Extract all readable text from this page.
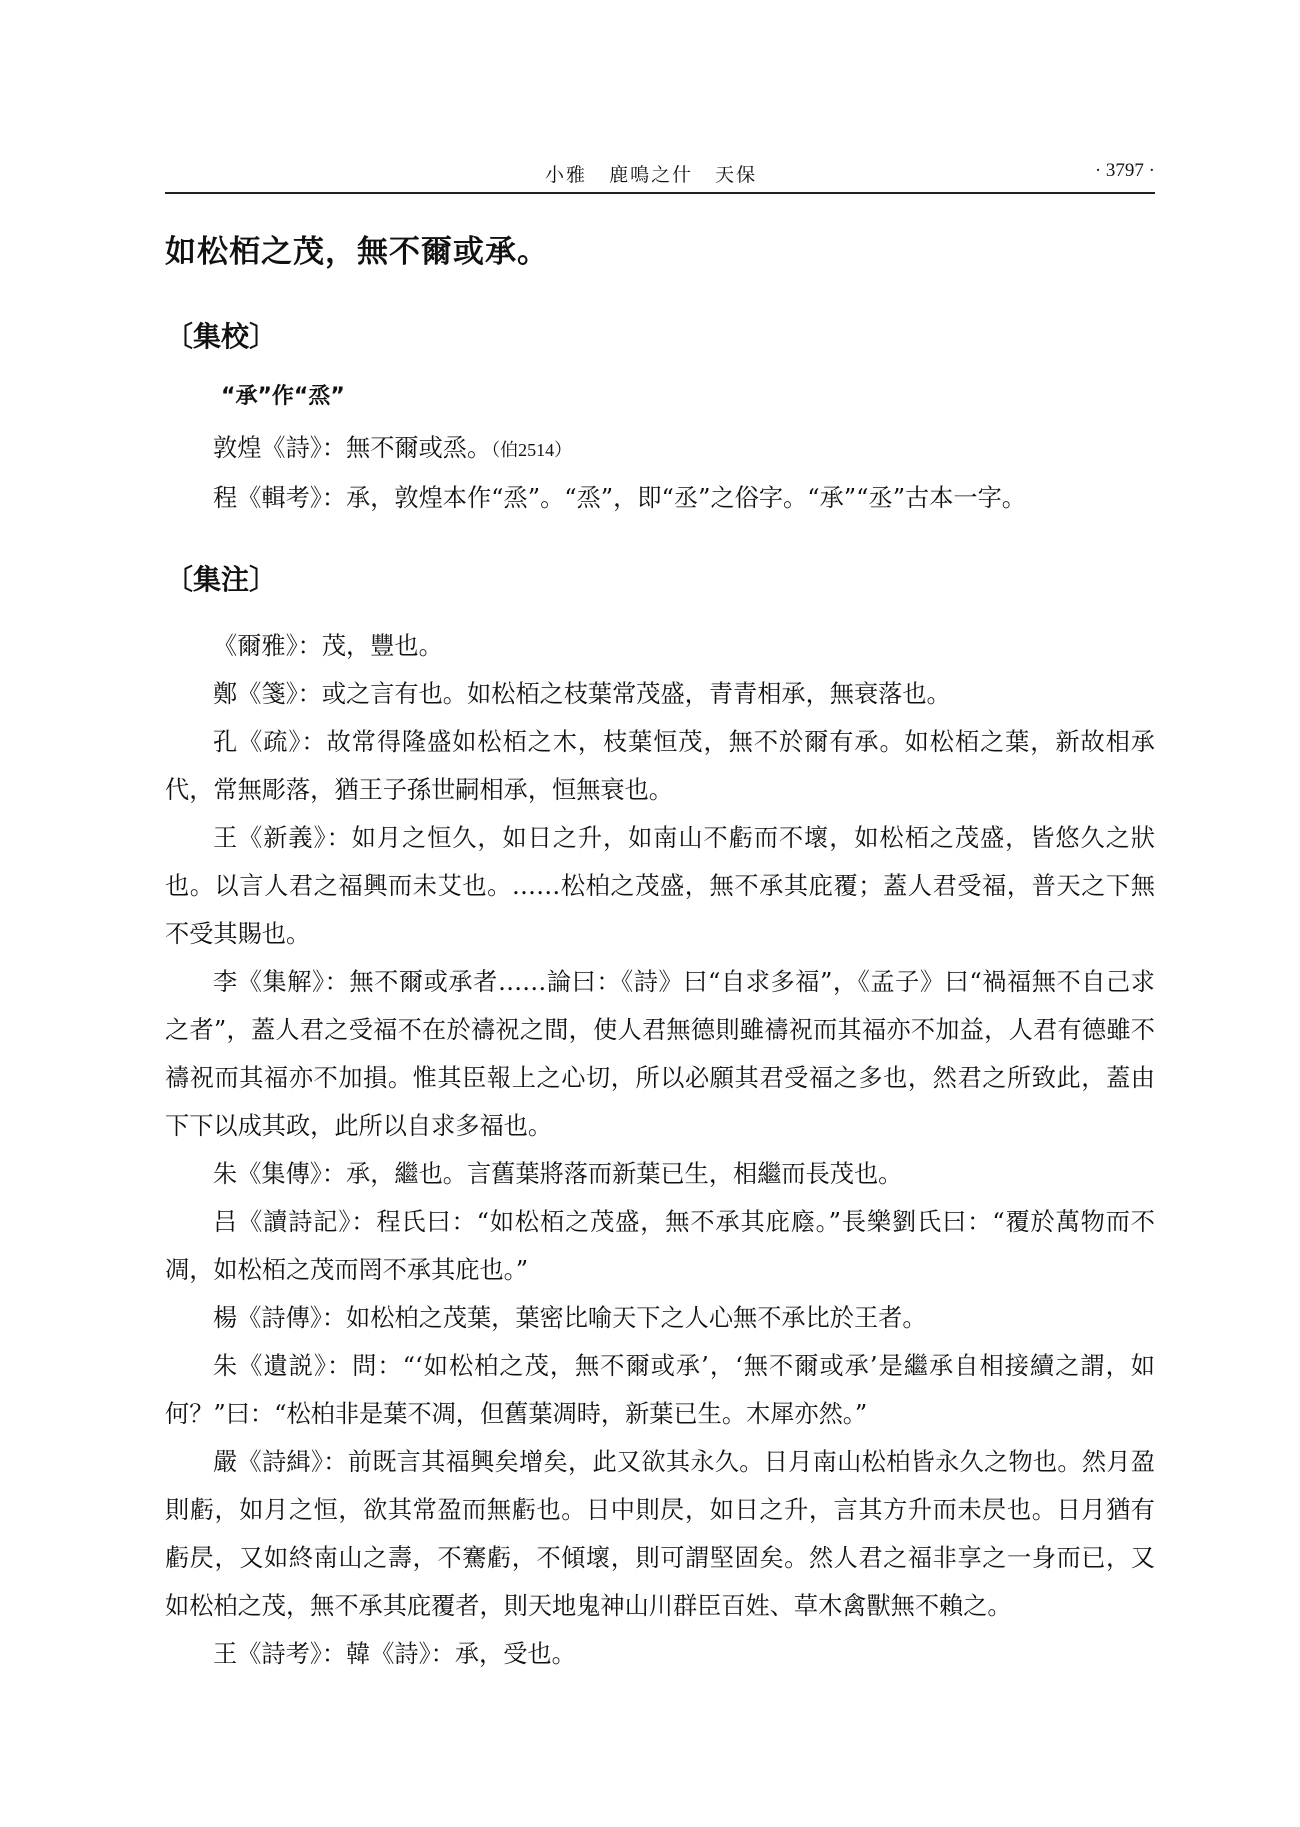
小雅 鹿鳴之什 天保	· 3797 ·
如松栢之茂，無不爾或承。
〔集校〕
“承”作“烝”

敦煌《詩》：無不爾或烝。（伯2514）

程《輯考》：承，敦煌本作“烝”。“烝”，即“丞”之俗字。“承”“丞”古本一字。

〔集注〕

《爾雅》：茂，豐也。

鄭《箋》：或之言有也。如松栢之枝葉常茂盛，青青相承，無衰落也。

孔《疏》：故常得隆盛如松栢之木，枝葉恒茂，無不於爾有承。如松栢之葉，新故相承代，常無彫落，猶王子孫世嗣相承，恒無衰也。

王《新義》：如月之恒久，如日之升，如南山不虧而不壞，如松栢之茂盛，皆悠久之狀也。以言人君之福興而未艾也。……松柏之茂盛，無不承其庇覆；蓋人君受福，普天之下無不受其賜也。

李《集解》：無不爾或承者……論曰：《詩》曰“自求多福”，《孟子》曰“禍福無不自己求之者”，蓋人君之受福不在於禱祝之間，使人君無德則雖禱祝而其福亦不加益，人君有德雖不禱祝而其福亦不加損。惟其臣報上之心切，所以必願其君受福之多也，然君之所致此，蓋由下下以成其政，此所以自求多福也。

朱《集傳》：承，繼也。言舊葉將落而新葉已生，相繼而長茂也。

吕《讀詩記》：程氏曰：“如松栢之茂盛，無不承其庇廕。”長樂劉氏曰：“覆於萬物而不凋，如松栢之茂而罔不承其庇也。”

楊《詩傳》：如松柏之茂葉，葉密比喻天下之人心無不承比於王者。

朱《遺説》：問：“‘如松柏之茂，無不爾或承’，‘無不爾或承’是繼承自相接續之謂，如何？”曰：“松柏非是葉不凋，但舊葉凋時，新葉已生。木犀亦然。”

嚴《詩緝》：前既言其福興矣增矣，此又欲其永久。日月南山松柏皆永久之物也。然月盈則虧，如月之恒，欲其常盈而無虧也。日中則昃，如日之升，言其方升而未昃也。日月猶有虧昃，又如終南山之壽，不騫虧，不傾壞，則可謂堅固矣。然人君之福非享之一身而已，又如松柏之茂，無不承其庇覆者，則天地鬼神山川群臣百姓、草木禽獸無不賴之。

王《詩考》：韓《詩》：承，受也。
